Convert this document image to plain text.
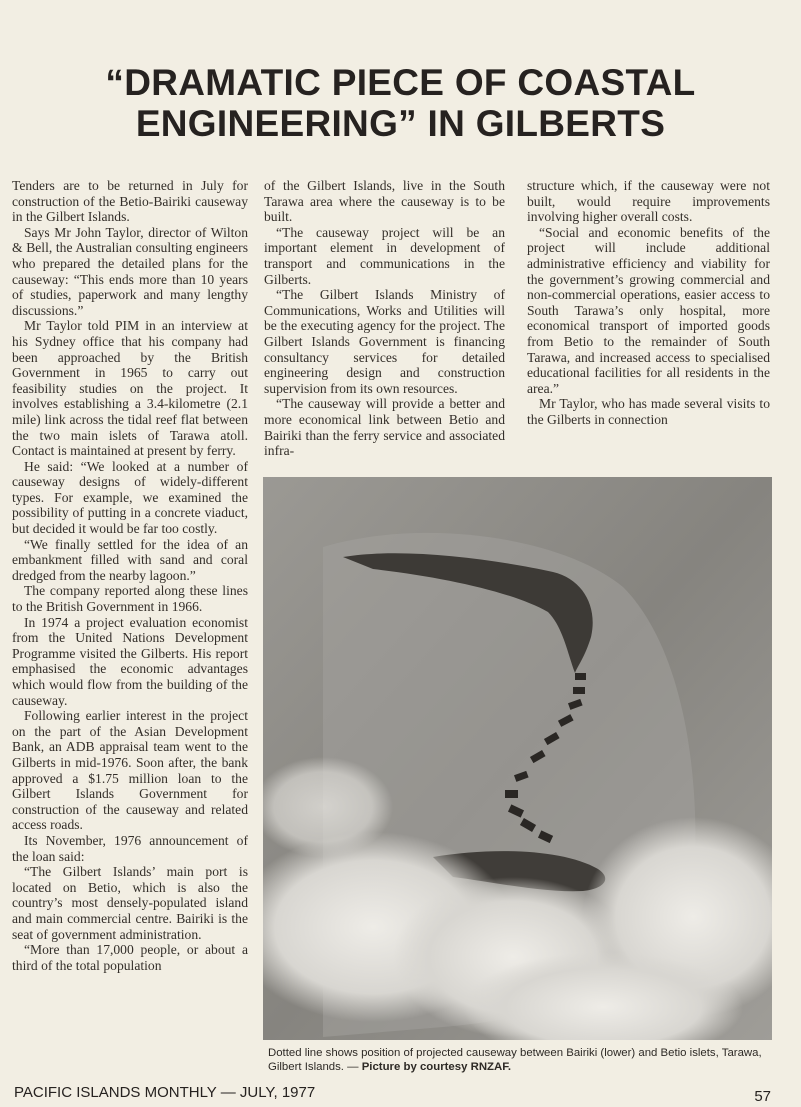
“DRAMATIC PIECE OF COASTAL
ENGINEERING” IN GILBERTS

Tenders are to be returned in July for construction of the Betio-Bairiki causeway in the Gilbert Islands.

Says Mr John Taylor, director of Wilton & Bell, the Australian consulting engineers who prepared the detailed plans for the causeway: “This ends more than 10 years of studies, paperwork and many lengthy discussions.”

Mr Taylor told PIM in an interview at his Sydney office that his company had been approached by the British Government in 1965 to carry out feasibility studies on the project. It involves establishing a 3.4-kilometre (2.1 mile) link across the tidal reef flat between the two main islets of Tarawa atoll. Contact is maintained at present by ferry.

He said: “We looked at a number of causeway designs of widely-different types. For example, we examined the possibility of putting in a concrete viaduct, but decided it would be far too costly.

“We finally settled for the idea of an embankment filled with sand and coral dredged from the nearby lagoon.”

The company reported along these lines to the British Government in 1966.

In 1974 a project evaluation economist from the United Nations Development Programme visited the Gilberts. His report emphasised the economic advantages which would flow from the building of the causeway.

Following earlier interest in the project on the part of the Asian Development Bank, an ADB appraisal team went to the Gilberts in mid-1976. Soon after, the bank approved a $1.75 million loan to the Gilbert Islands Government for construction of the causeway and related access roads.

Its November, 1976 announcement of the loan said:

“The Gilbert Islands’ main port is located on Betio, which is also the country’s most densely-populated island and main commercial centre. Bairiki is the seat of government administration.

“More than 17,000 people, or about a third of the total population

of the Gilbert Islands, live in the South Tarawa area where the causeway is to be built.

“The causeway project will be an important element in development of transport and communications in the Gilberts.

“The Gilbert Islands Ministry of Communications, Works and Utilities will be the executing agency for the project. The Gilbert Islands Government is financing consultancy services for detailed engineering design and construction supervision from its own resources.

“The causeway will provide a better and more economical link between Betio and Bairiki than the ferry service and associated infra-

structure which, if the causeway were not built, would require improvements involving higher overall costs.

“Social and economic benefits of the project will include additional administrative efficiency and viability for the government’s growing commercial and non-commercial operations, easier access to South Tarawa’s only hospital, more economical transport of imported goods from Betio to the remainder of South Tarawa, and increased access to specialised educational facilities for all residents in the area.”

Mr Taylor, who has made several visits to the Gilberts in connection

Dotted line shows position of projected causeway between Bairiki (lower) and Betio islets, Tarawa, Gilbert Islands. — Picture by courtesy RNZAF.
PACIFIC ISLANDS MONTHLY — JULY, 1977	57
